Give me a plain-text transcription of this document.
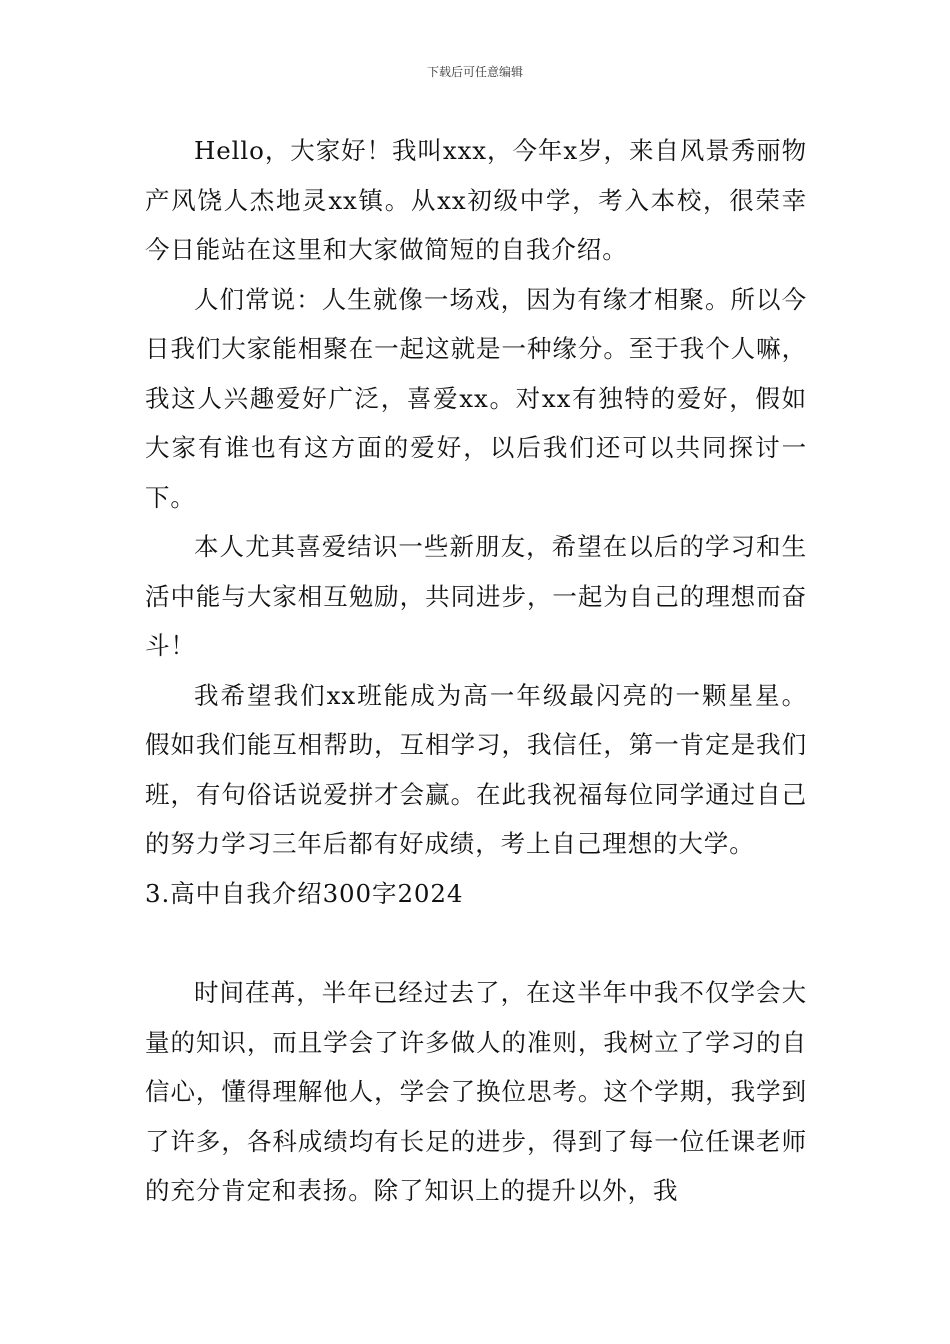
下载后可任意编辑

Hello，大家好！我叫xxx，今年x岁，来自风景秀丽物产风饶人杰地灵xx镇。从xx初级中学，考入本校，很荣幸今日能站在这里和大家做简短的自我介绍。

人们常说：人生就像一场戏，因为有缘才相聚。所以今日我们大家能相聚在一起这就是一种缘分。至于我个人嘛，我这人兴趣爱好广泛，喜爱xx。对xx有独特的爱好，假如大家有谁也有这方面的爱好，以后我们还可以共同探讨一下。

本人尤其喜爱结识一些新朋友，希望在以后的学习和生活中能与大家相互勉励，共同进步，一起为自己的理想而奋斗！

我希望我们xx班能成为高一年级最闪亮的一颗星星。假如我们能互相帮助，互相学习，我信任，第一肯定是我们班，有句俗话说爱拼才会赢。在此我祝福每位同学通过自己的努力学习三年后都有好成绩，考上自己理想的大学。

3.高中自我介绍300字2024

时间荏苒，半年已经过去了，在这半年中我不仅学会大量的知识，而且学会了许多做人的准则，我树立了学习的自信心，懂得理解他人，学会了换位思考。这个学期，我学到了许多，各科成绩均有长足的进步，得到了每一位任课老师的充分肯定和表扬。除了知识上的提升以外，我
